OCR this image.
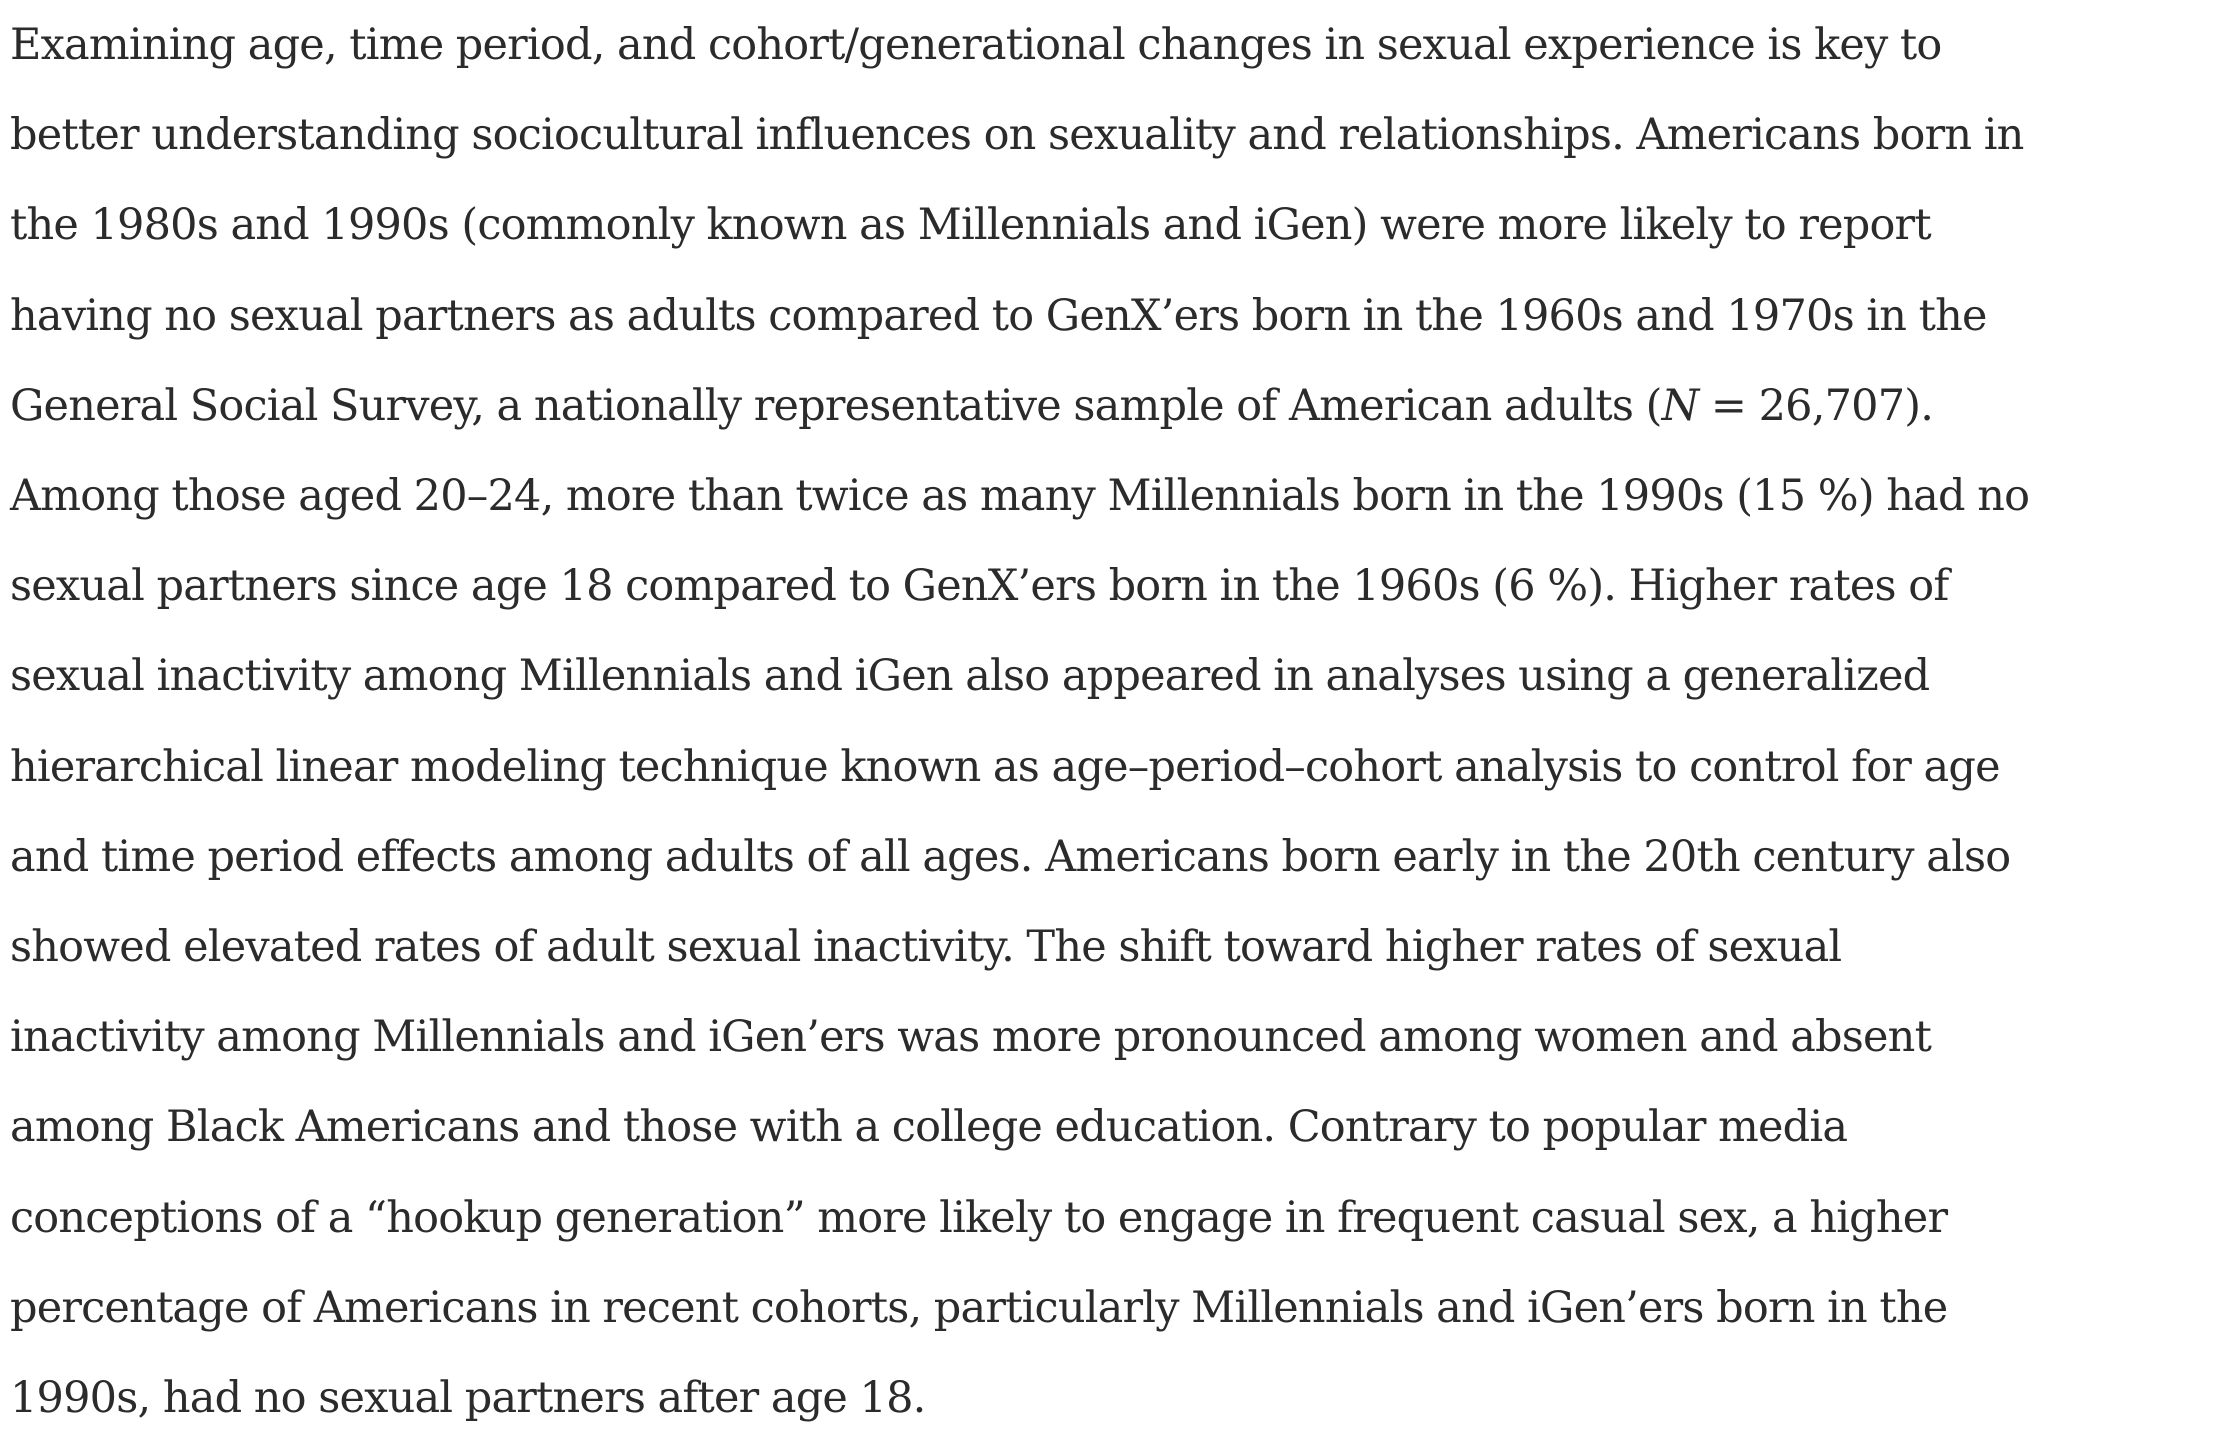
Examining age, time period, and cohort/generational changes in sexual experience is key to
better understanding sociocultural influences on sexuality and relationships. Americans born in
the 1980s and 1990s (commonly known as Millennials and iGen) were more likely to report
having no sexual partners as adults compared to GenX’ers born in the 1960s and 1970s in the
General Social Survey, a nationally representative sample of American adults (N = 26,707).
Among those aged 20–24, more than twice as many Millennials born in the 1990s (15 %) had no
sexual partners since age 18 compared to GenX’ers born in the 1960s (6 %). Higher rates of
sexual inactivity among Millennials and iGen also appeared in analyses using a generalized
hierarchical linear modeling technique known as age–period–cohort analysis to control for age
and time period effects among adults of all ages. Americans born early in the 20th century also
showed elevated rates of adult sexual inactivity. The shift toward higher rates of sexual
inactivity among Millennials and iGen’ers was more pronounced among women and absent
among Black Americans and those with a college education. Contrary to popular media
conceptions of a “hookup generation” more likely to engage in frequent casual sex, a higher
percentage of Americans in recent cohorts, particularly Millennials and iGen’ers born in the
1990s, had no sexual partners after age 18.
